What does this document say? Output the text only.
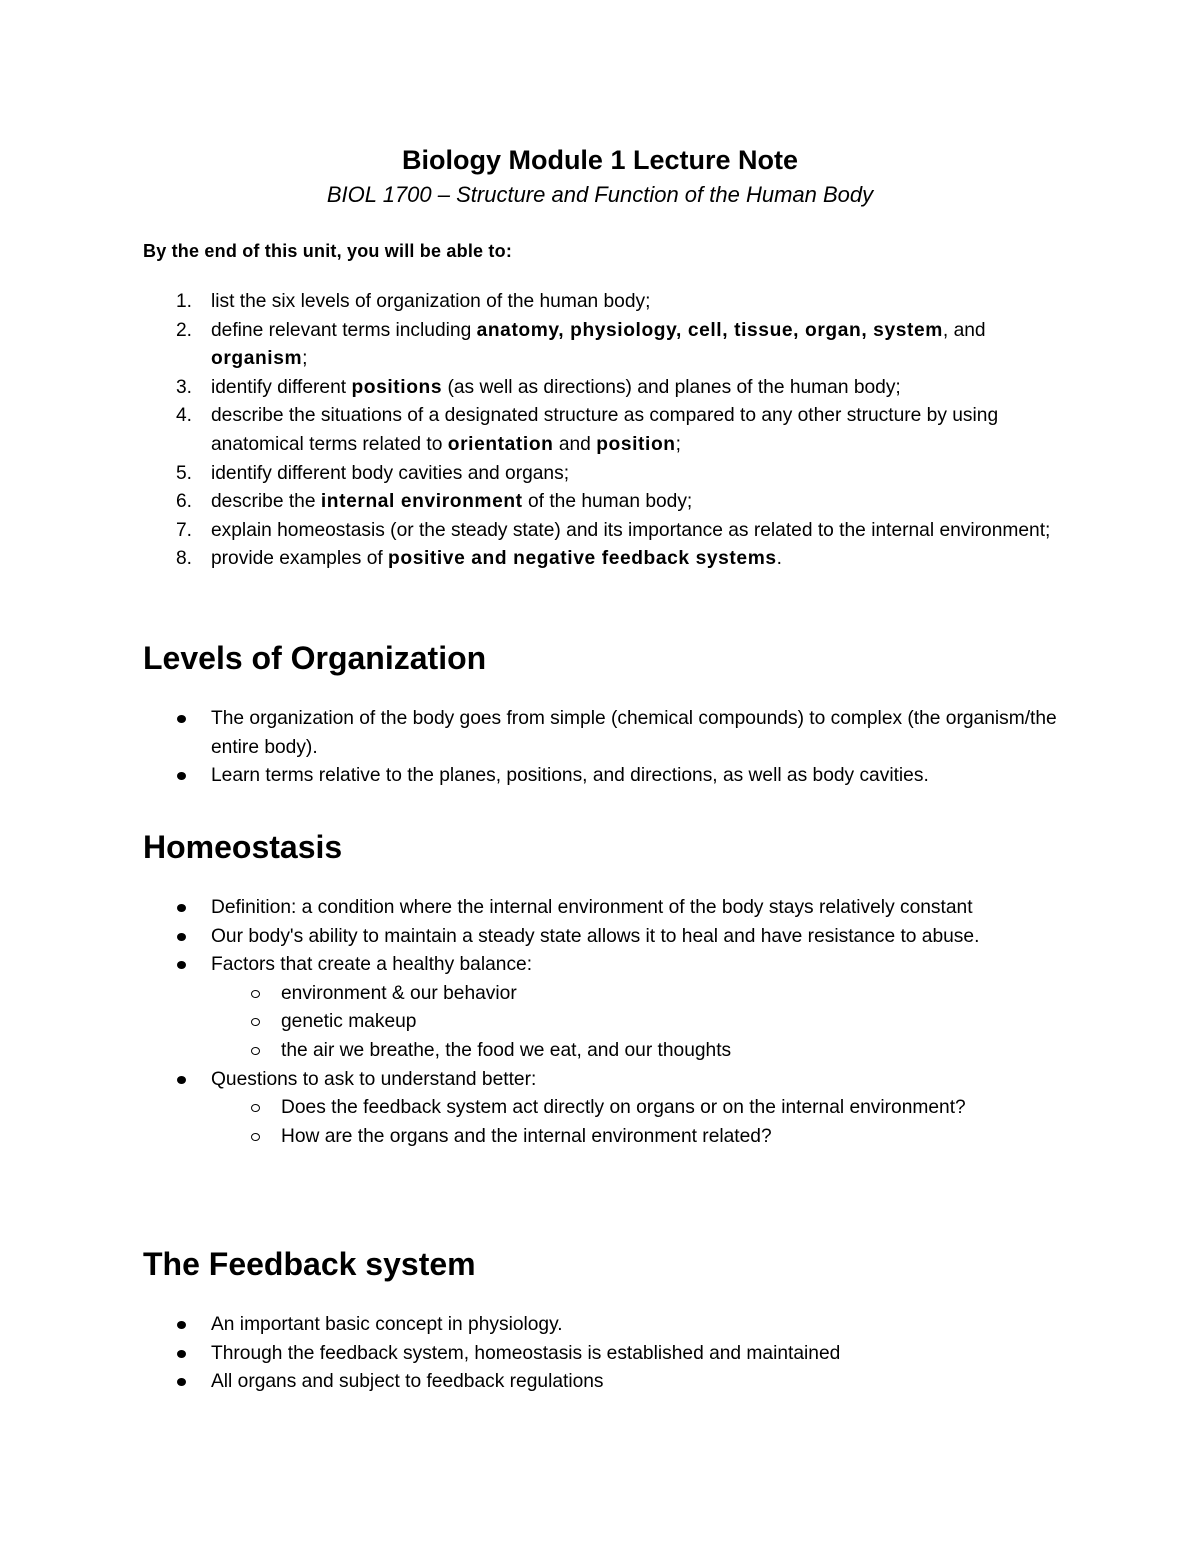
Biology Module 1 Lecture Note
BIOL 1700 – Structure and Function of the Human Body

By the end of this unit, you will be able to:

1. list the six levels of organization of the human body;
2. define relevant terms including anatomy, physiology, cell, tissue, organ, system, and organism;
3. identify different positions (as well as directions) and planes of the human body;
4. describe the situations of a designated structure as compared to any other structure by using anatomical terms related to orientation and position;
5. identify different body cavities and organs;
6. describe the internal environment of the human body;
7. explain homeostasis (or the steady state) and its importance as related to the internal environment;
8. provide examples of positive and negative feedback systems.
Levels of Organization
The organization of the body goes from simple (chemical compounds) to complex (the organism/the entire body).
Learn terms relative to the planes, positions, and directions, as well as body cavities.
Homeostasis
Definition: a condition where the internal environment of the body stays relatively constant
Our body's ability to maintain a steady state allows it to heal and have resistance to abuse.
Factors that create a healthy balance:
environment & our behavior
genetic makeup
the air we breathe, the food we eat, and our thoughts
Questions to ask to understand better:
Does the feedback system act directly on organs or on the internal environment?
How are the organs and the internal environment related?
The Feedback system
An important basic concept in physiology.
Through the feedback system, homeostasis is established and maintained
All organs and subject to feedback regulations
